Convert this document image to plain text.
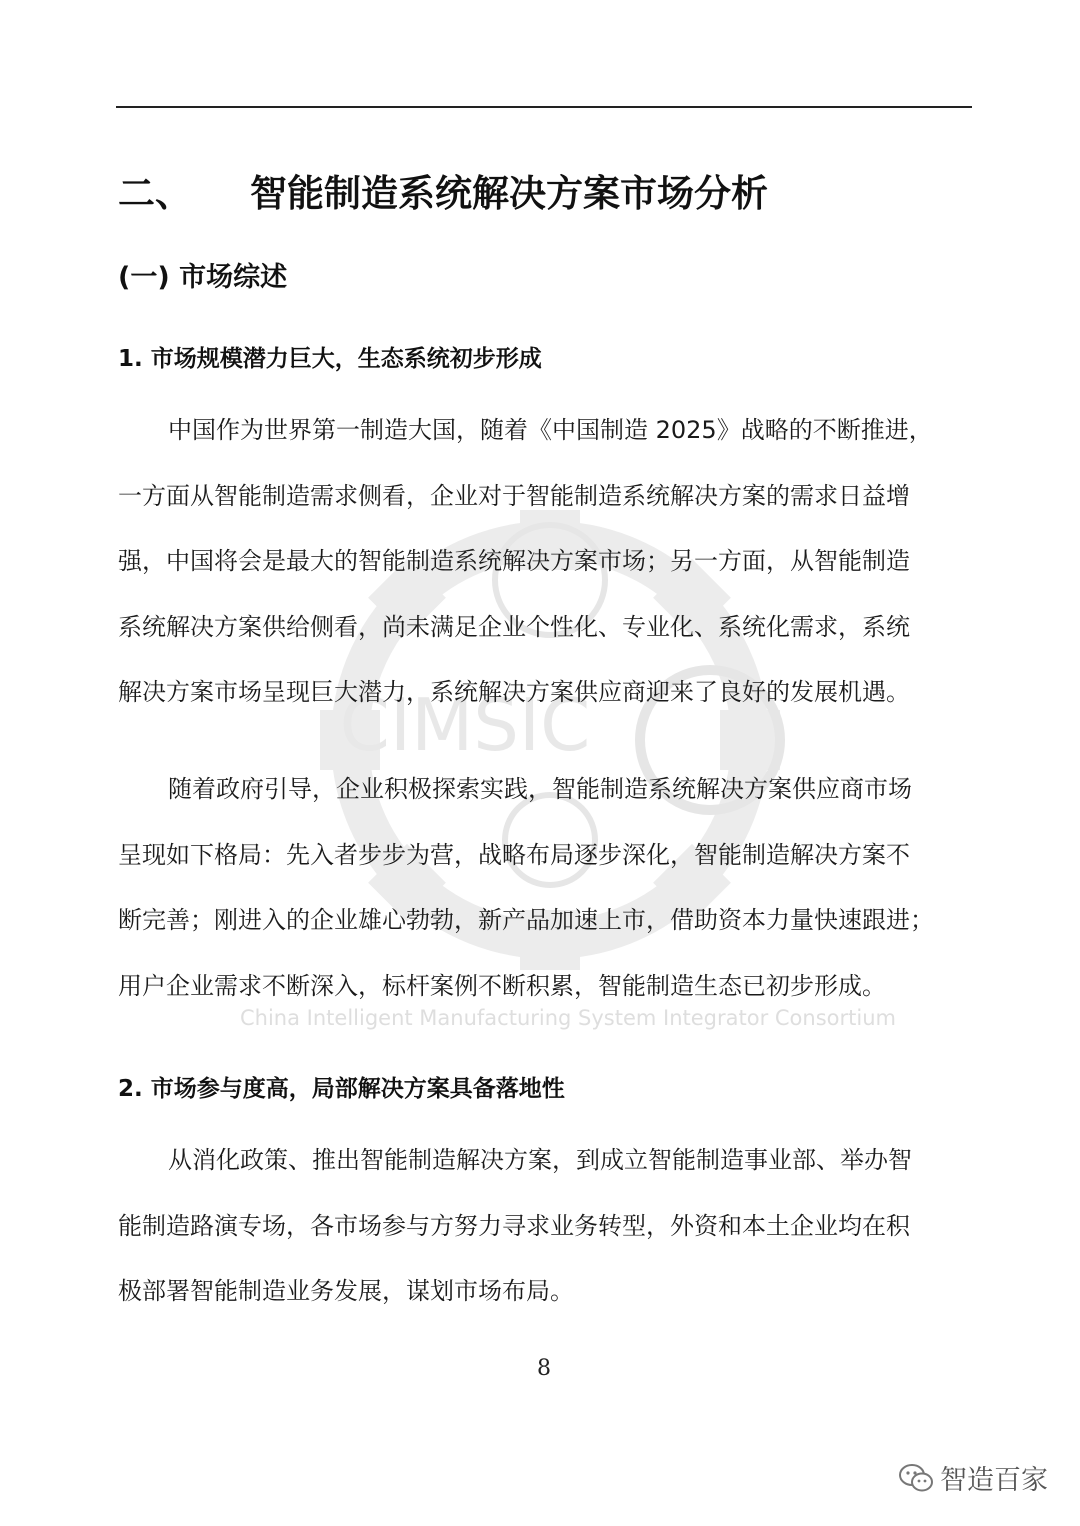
CIMSIC
China Intelligent Manufacturing System Integrator Consortium
二、 智能制造系统解决方案市场分析
(一) 市场综述
1. 市场规模潜力巨大，生态系统初步形成
中国作为世界第一制造大国，随着《中国制造 2025》战略的不断推进，
一方面从智能制造需求侧看，企业对于智能制造系统解决方案的需求日益增
强，中国将会是最大的智能制造系统解决方案市场；另一方面，从智能制造
系统解决方案供给侧看，尚未满足企业个性化、专业化、系统化需求，系统
解决方案市场呈现巨大潜力，系统解决方案供应商迎来了良好的发展机遇。
随着政府引导，企业积极探索实践，智能制造系统解决方案供应商市场
呈现如下格局：先入者步步为营，战略布局逐步深化，智能制造解决方案不
断完善；刚进入的企业雄心勃勃，新产品加速上市，借助资本力量快速跟进；
用户企业需求不断深入，标杆案例不断积累，智能制造生态已初步形成。
2. 市场参与度高，局部解决方案具备落地性
从消化政策、推出智能制造解决方案，到成立智能制造事业部、举办智
能制造路演专场，各市场参与方努力寻求业务转型，外资和本土企业均在积
极部署智能制造业务发展，谋划市场布局。
8
智造百家
